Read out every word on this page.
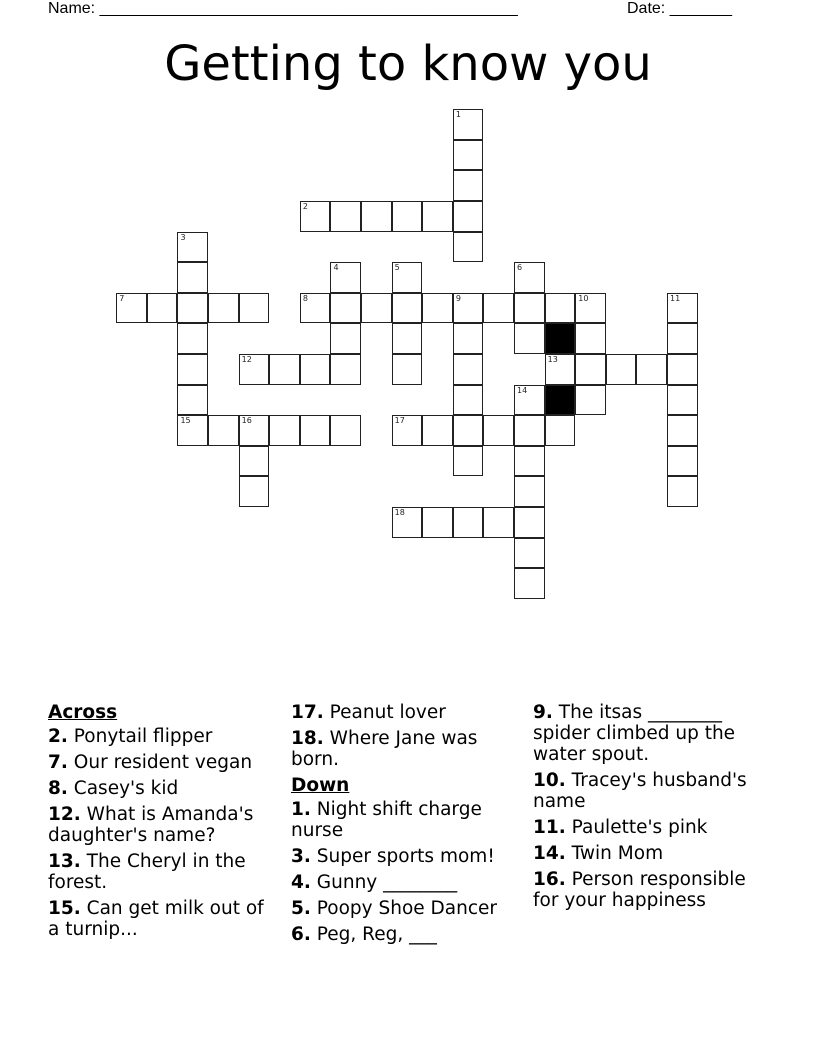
Name: _______________________________________________	Date: _______
Getting to know you
1
2
3
15
4	5	6
7	8	9	10	11
12	13
14
16	17
18
Across
2. Ponytail flipper
7. Our resident vegan
8. Casey's kid
12. What is Amanda's daughter's name?
13. The Cheryl in the forest.
15. Can get milk out of a turnip...
17. Peanut lover
18. Where Jane was born.
Down
1. Night shift charge nurse
3. Super sports mom!
4. Gunny ________
5. Poopy Shoe Dancer
6. Peg, Reg, ___
9. The itsas ________ spider climbed up the water spout.
10. Tracey's husband's name
11. Paulette's pink
14. Twin Mom
16. Person responsible for your happiness
